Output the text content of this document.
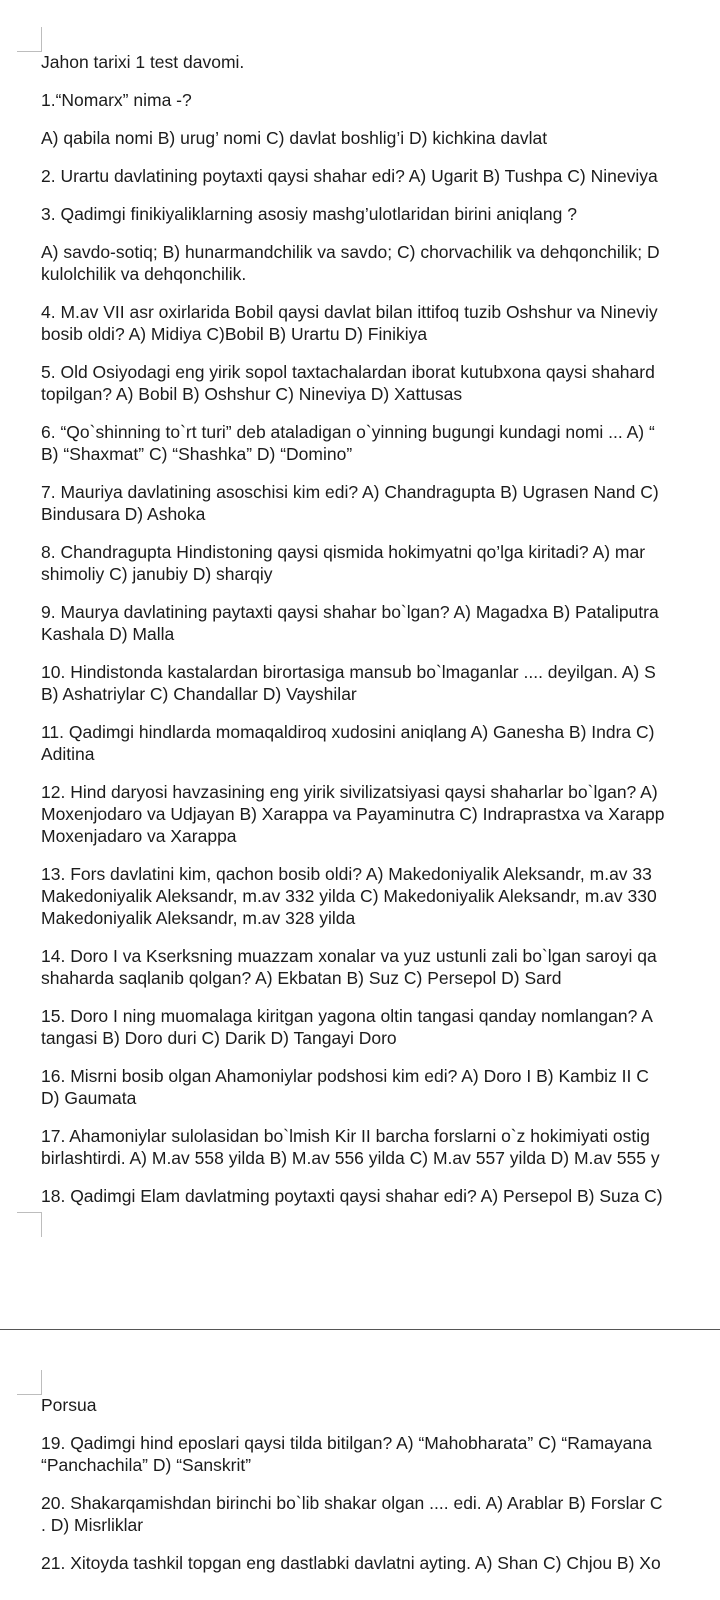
Jahon tarixi 1 test davomi.
1.“Nomarx” nima -?
A) qabila nomi B) urug’ nomi C) davlat boshlig’i D) kichkina davlat
2. Urartu davlatining poytaxti qaysi shahar edi? A) Ugarit B) Tushpa C) Nineviya
3. Qadimgi finikiyaliklarning asosiy mashg’ulotlaridan birini aniqlang ?
A) savdo-sotiq; B) hunarmandchilik va savdo; C) chorvachilik va dehqonchilik; D
kulolchilik va dehqonchilik.
4. M.av VII asr oxirlarida Bobil qaysi davlat bilan ittifoq tuzib Oshshur va Nineviy
bosib oldi? A) Midiya C)Bobil B) Urartu D) Finikiya
5. Old Osiyodagi eng yirik sopol taxtachalardan iborat kutubxona qaysi shahard
topilgan? A) Bobil B) Oshshur C) Nineviya D) Xattusas
6. “Qo`shinning to`rt turi” deb ataladigan o`yinning bugungi kundagi nomi ... A) “
B) “Shaxmat” C) “Shashka” D) “Domino”
7. Mauriya davlatining asoschisi kim edi? A) Chandragupta B) Ugrasen Nand C)
Bindusara D) Ashoka
8. Chandragupta Hindistoning qaysi qismida hokimyatni qo’lga kiritadi? A) mar
shimoliy C) janubiy D) sharqiy
9. Maurya davlatining paytaxti qaysi shahar bo`lgan? A) Magadxa B) Pataliputra
Kashala D) Malla
10. Hindistonda kastalardan birortasiga mansub bo`lmaganlar .... deyilgan. A) S
B) Ashatriylar C) Chandallar D) Vayshilar
11. Qadimgi hindlarda momaqaldiroq xudosini aniqlang A) Ganesha B) Indra C)
Aditina
12. Hind daryosi havzasining eng yirik sivilizatsiyasi qaysi shaharlar bo`lgan? A)
Moxenjodaro va Udjayan B) Xarappa va Payaminutra C) Indraprastxa va Xarapp
Moxenjadaro va Xarappa
13. Fors davlatini kim, qachon bosib oldi? A) Makedoniyalik Aleksandr, m.av 33
Makedoniyalik Aleksandr, m.av 332 yilda C) Makedoniyalik Aleksandr, m.av 330
Makedoniyalik Aleksandr, m.av 328 yilda
14. Doro I va Kserksning muazzam xonalar va yuz ustunli zali bo`lgan saroyi qa
shaharda saqlanib qolgan? A) Ekbatan B) Suz C) Persepol D) Sard
15. Doro I ning muomalaga kiritgan yagona oltin tangasi qanday nomlangan? A
tangasi B) Doro duri C) Darik D) Tangayi Doro
16. Misrni bosib olgan Ahamoniylar podshosi kim edi? A) Doro I B) Kambiz II C
D) Gaumata
17. Ahamoniylar sulolasidan bo`lmish Kir II barcha forslarni o`z hokimiyati ostig
birlashtirdi. A) M.av 558 yilda B) M.av 556 yilda C) M.av 557 yilda D) M.av 555 y
18. Qadimgi Elam davlatming poytaxti qaysi shahar edi? A) Persepol B) Suza C)
Porsua
19. Qadimgi hind eposlari qaysi tilda bitilgan? A) “Mahobharata” C) “Ramayana
“Panchachila” D) “Sanskrit”
20. Shakarqamishdan birinchi bo`lib shakar olgan .... edi. A) Arablar B) Forslar C
. D) Misrliklar
21. Xitoyda tashkil topgan eng dastlabki davlatni ayting. A) Shan C) Chjou B) Xo
